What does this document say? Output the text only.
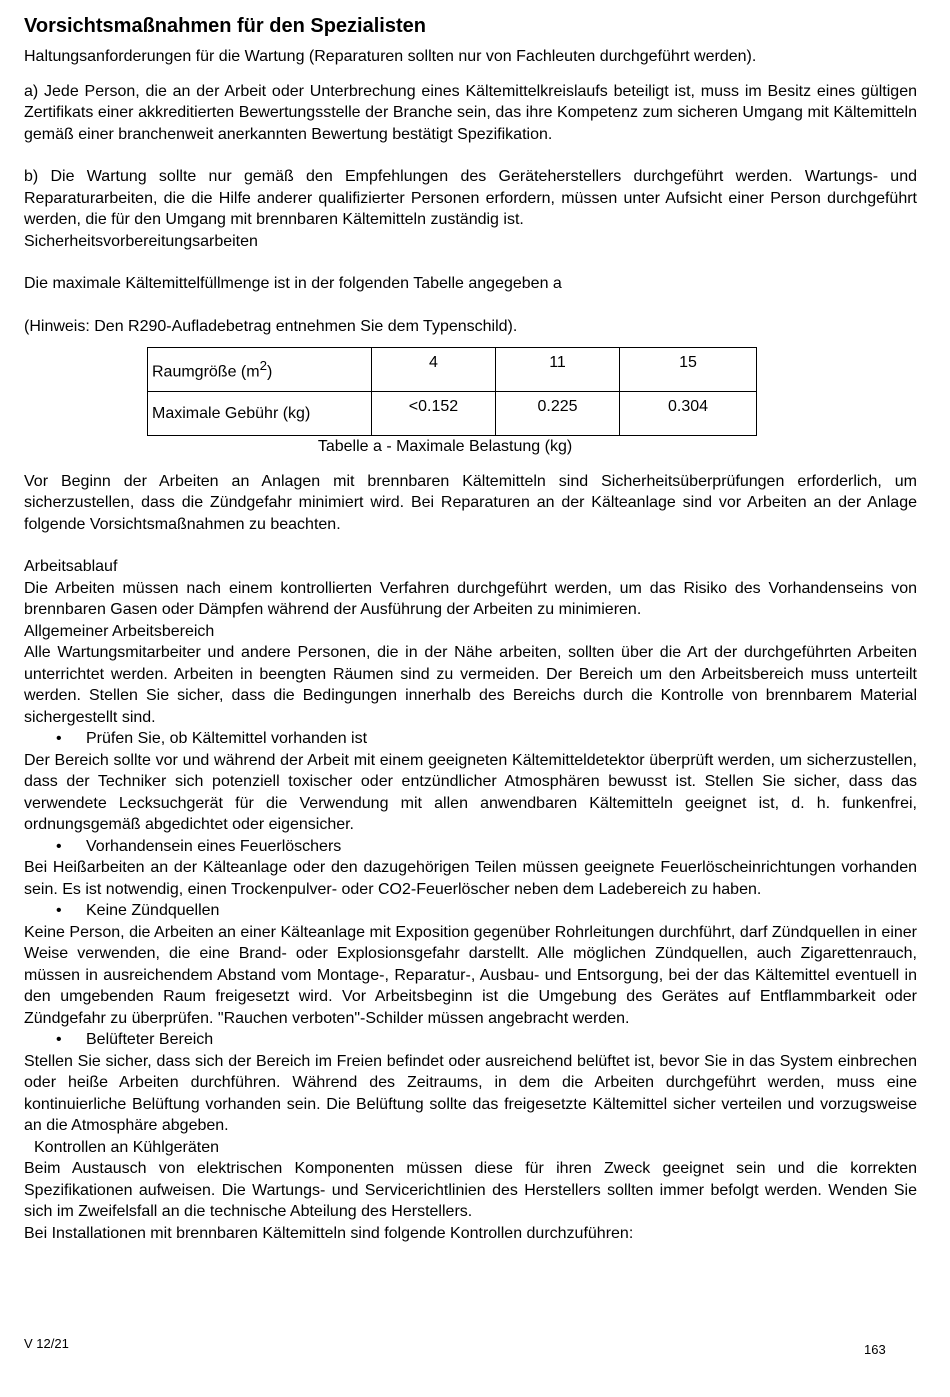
Vorsichtsmaßnahmen für den Spezialisten

Haltungsanforderungen für die Wartung (Reparaturen sollten nur von Fachleuten durchgeführt werden).

a) Jede Person, die an der Arbeit oder Unterbrechung eines Kältemittelkreislaufs beteiligt ist, muss im Besitz eines gültigen Zertifikats einer akkreditierten Bewertungsstelle der Branche sein, das ihre Kompetenz zum sicheren Umgang mit Kältemitteln gemäß einer branchenweit anerkannten Bewertung bestätigt Spezifikation.

b) Die Wartung sollte nur gemäß den Empfehlungen des Geräteherstellers durchgeführt werden. Wartungs- und Reparaturarbeiten, die die Hilfe anderer qualifizierter Personen erfordern, müssen unter Aufsicht einer Person durchgeführt werden, die für den Umgang mit brennbaren Kältemitteln zuständig ist.

Sicherheitsvorbereitungsarbeiten

Die maximale Kältemittelfüllmenge ist in der folgenden Tabelle angegeben a

(Hinweis: Den R290-Aufladebetrag entnehmen Sie dem Typenschild).

Raumgröße $(m^2)$	4	11	15
Maximale Gebühr (kg)	<0.152	0.225	0.304

Tabelle a - Maximale Belastung (kg)

Vor Beginn der Arbeiten an Anlagen mit brennbaren Kältemitteln sind Sicherheitsüberprüfungen erforderlich, um sicherzustellen, dass die Zündgefahr minimiert wird. Bei Reparaturen an der Kälteanlage sind vor Arbeiten an der Anlage folgende Vorsichtsmaßnahmen zu beachten.

Arbeitsablauf

Die Arbeiten müssen nach einem kontrollierten Verfahren durchgeführt werden, um das Risiko des Vorhandenseins von brennbaren Gasen oder Dämpfen während der Ausführung der Arbeiten zu minimieren.

Allgemeiner Arbeitsbereich

Alle Wartungsmitarbeiter und andere Personen, die in der Nähe arbeiten, sollten über die Art der durchgeführten Arbeiten unterrichtet werden. Arbeiten in beengten Räumen sind zu vermeiden. Der Bereich um den Arbeitsbereich muss unterteilt werden. Stellen Sie sicher, dass die Bedingungen innerhalb des Bereichs durch die Kontrolle von brennbarem Material sichergestellt sind.

• Prüfen Sie, ob Kältemittel vorhanden ist

Der Bereich sollte vor und während der Arbeit mit einem geeigneten Kältemitteldetektor überprüft werden, um sicherzustellen, dass der Techniker sich potenziell toxischer oder entzündlicher Atmosphären bewusst ist. Stellen Sie sicher, dass das verwendete Lecksuchgerät für die Verwendung mit allen anwendbaren Kältemitteln geeignet ist, d. h. funkenfrei, ordnungsgemäß abgedichtet oder eigensicher.

• Vorhandensein eines Feuerlöschers

Bei Heißarbeiten an der Kälteanlage oder den dazugehörigen Teilen müssen geeignete Feuerlöscheinrichtungen vorhanden sein. Es ist notwendig, einen Trockenpulver- oder CO2-Feuerlöscher neben dem Ladebereich zu haben.

• Keine Zündquellen

Keine Person, die Arbeiten an einer Kälteanlage mit Exposition gegenüber Rohrleitungen durchführt, darf Zündquellen in einer Weise verwenden, die eine Brand- oder Explosionsgefahr darstellt. Alle möglichen Zündquellen, auch Zigarettenrauch, müssen in ausreichendem Abstand vom Montage-, Reparatur-, Ausbau- und Entsorgung, bei der das Kältemittel eventuell in den umgebenden Raum freigesetzt wird. Vor Arbeitsbeginn ist die Umgebung des Gerätes auf Entflammbarkeit oder Zündgefahr zu überprüfen. "Rauchen verboten"-Schilder müssen angebracht werden.

• Belüfteter Bereich

Stellen Sie sicher, dass sich der Bereich im Freien befindet oder ausreichend belüftet ist, bevor Sie in das System einbrechen oder heiße Arbeiten durchführen. Während des Zeitraums, in dem die Arbeiten durchgeführt werden, muss eine kontinuierliche Belüftung vorhanden sein. Die Belüftung sollte das freigesetzte Kältemittel sicher verteilen und vorzugsweise an die Atmosphäre abgeben.

Kontrollen an Kühlgeräten

Beim Austausch von elektrischen Komponenten müssen diese für ihren Zweck geeignet sein und die korrekten Spezifikationen aufweisen. Die Wartungs- und Servicerichtlinien des Herstellers sollten immer befolgt werden. Wenden Sie sich im Zweifelsfall an die technische Abteilung des Herstellers.

Bei Installationen mit brennbaren Kältemitteln sind folgende Kontrollen durchzuführen:

V 12/21	163
